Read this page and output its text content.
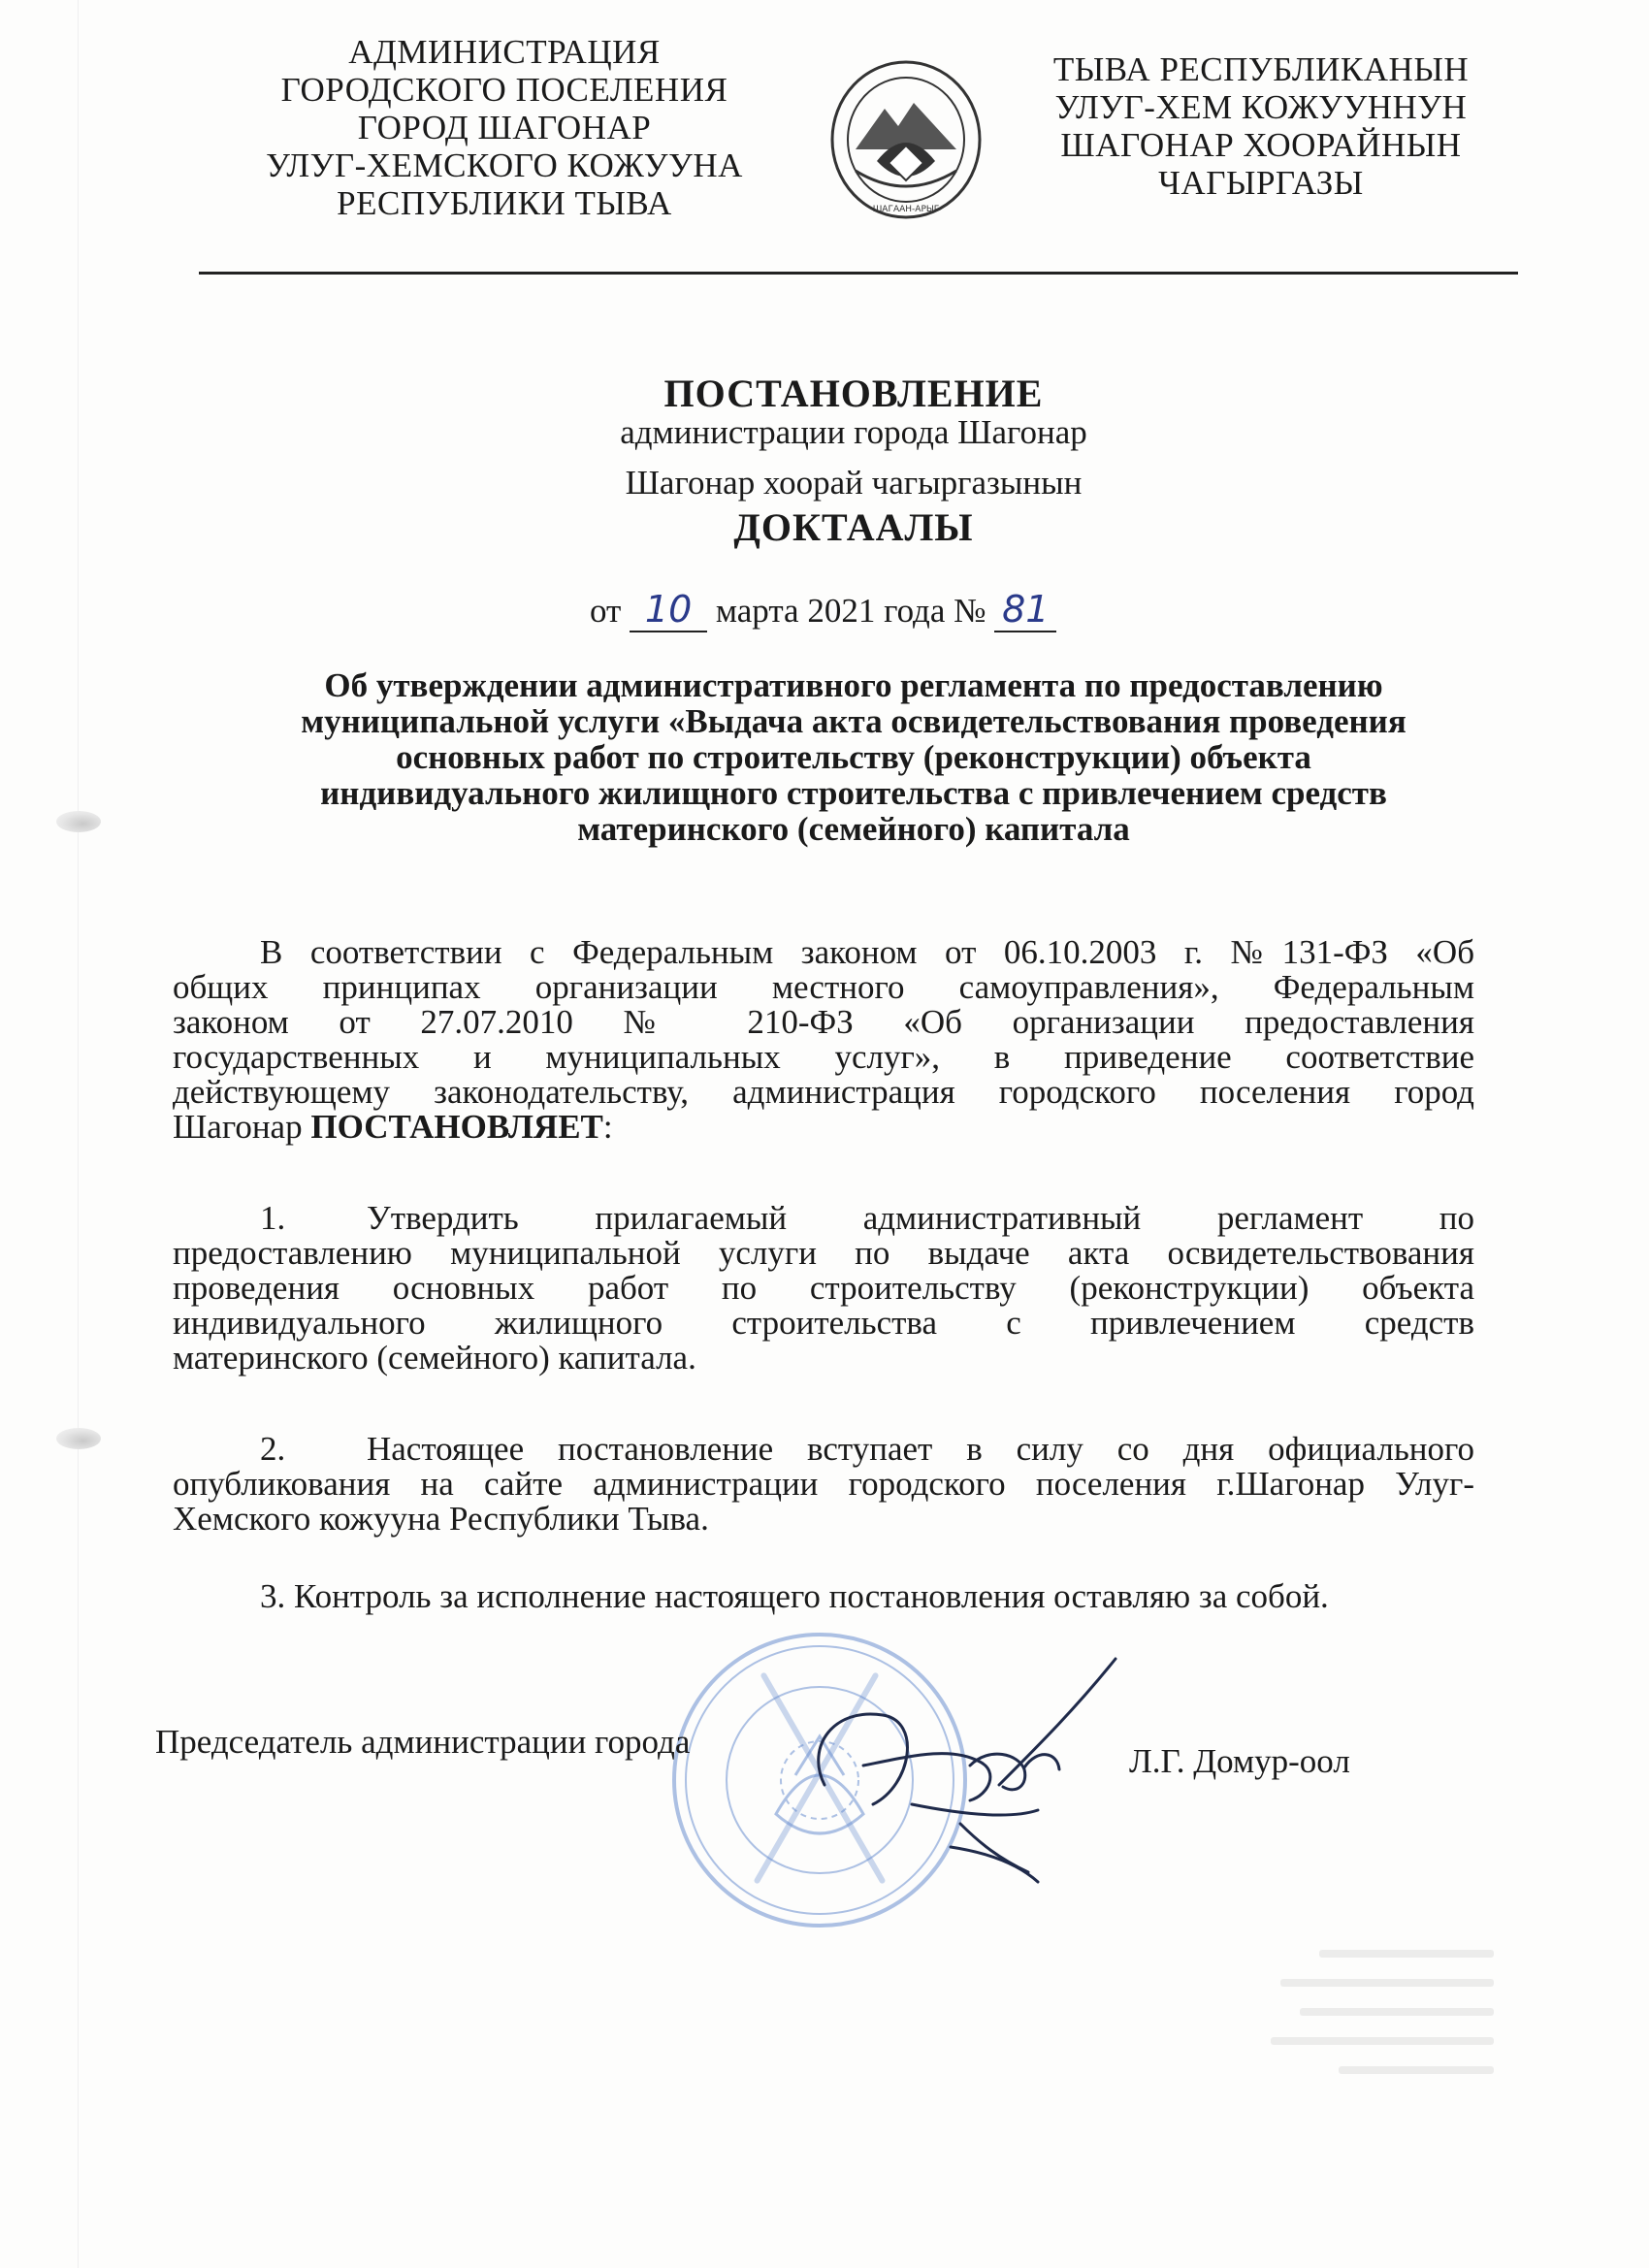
АДМИНИСТРАЦИЯ
ГОРОДСКОГО ПОСЕЛЕНИЯ
ГОРОД ШАГОНАР
УЛУГ-ХЕМСКОГО КОЖУУНА
РЕСПУБЛИКИ ТЫВА	ШАГААН-АРЫГ
ТЫВА РЕСПУБЛИКАНЫН
УЛУГ-ХЕМ КОЖУУННУН
ШАГОНАР ХООРАЙНЫН
ЧАГЫРГАЗЫ
ПОСТАНОВЛЕНИЕ
администрации города Шагонар
Шагонар хоорай чагыргазынын
ДОКТААЛЫ
от 10 марта 2021 года № 81
Об утверждении административного регламента по предоставлению
муниципальной услуги «Выдача акта освидетельствования проведения
основных работ по строительству (реконструкции) объекта
индивидуального жилищного строительства с привлечением средств
материнского (семейного) капитала
В соответствии с Федеральным законом от 06.10.2003 г. №131-ФЗ «Об
общих принципах организации местного самоуправления», Федеральным
законом от 27.07.2010 № 210-ФЗ «Об организации предоставления
государственных и муниципальных услуг», в приведение соответствие
действующему законодательству, администрация городского поселения город
Шагонар ПОСТАНОВЛЯЕТ:
1. Утвердить прилагаемый административный регламент по
предоставлению муниципальной услуги по выдаче акта освидетельствования
проведения основных работ по строительству (реконструкции) объекта
индивидуального жилищного строительства с привлечением средств
материнского (семейного) капитала.
2. Настоящее постановление вступает в силу со дня официального
опубликования на сайте администрации городского поселения г.Шагонар Улуг-
Хемского кожууна Республики Тыва.
3. Контроль за исполнение настоящего постановления оставляю за собой.
Председатель администрации города
Л.Г. Домур-оол
